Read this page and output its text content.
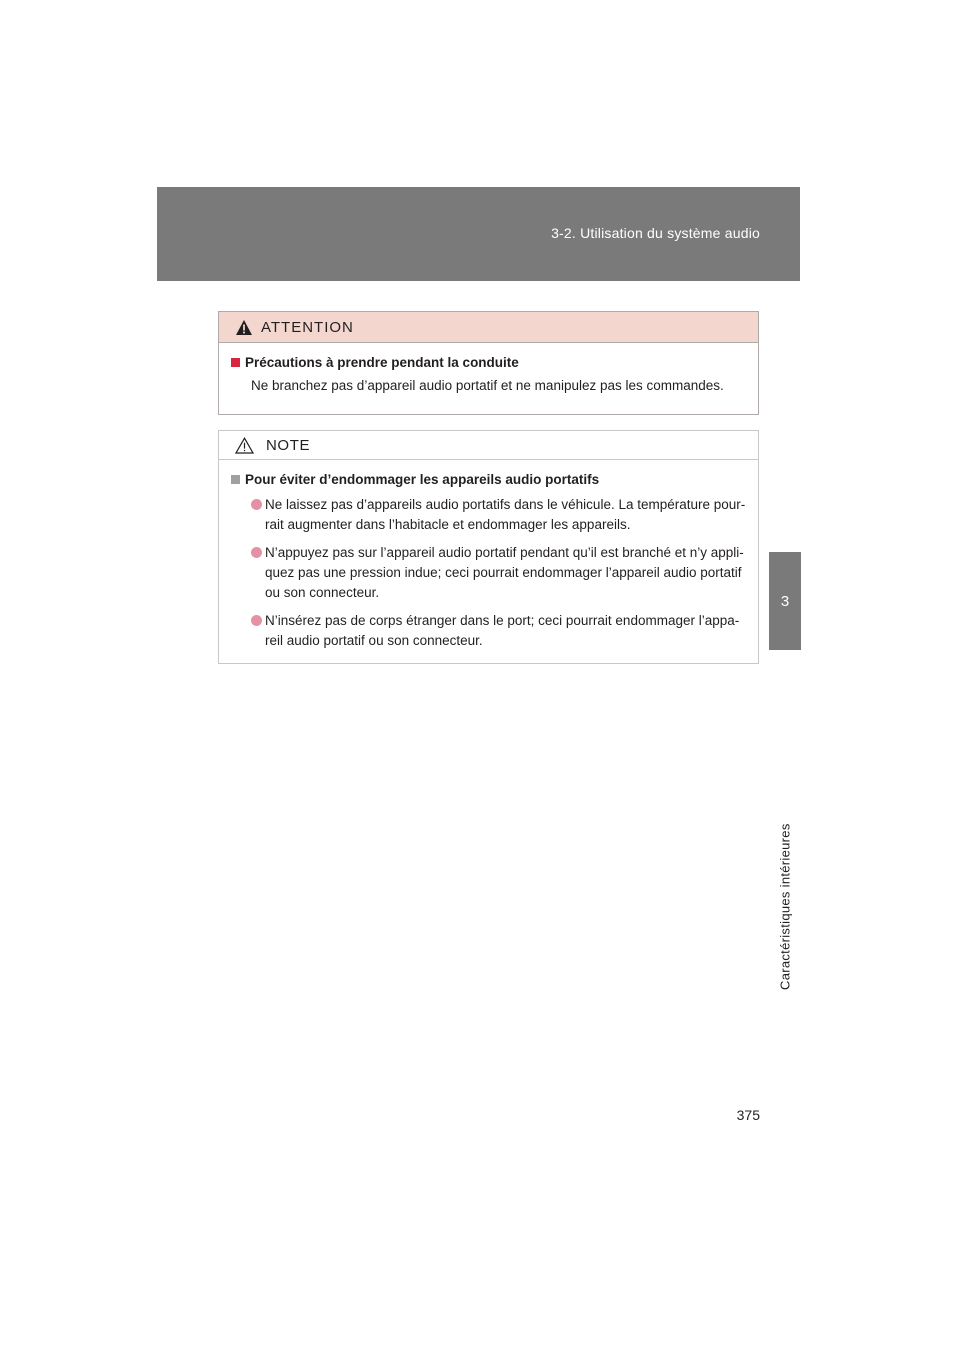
3-2. Utilisation du système audio
3
Caractéristiques intérieures
ATTENTION
Précautions à prendre pendant la conduite
Ne branchez pas d’appareil audio portatif et ne manipulez pas les commandes.
NOTE
Pour éviter d’endommager les appareils audio portatifs
Ne laissez pas d’appareils audio portatifs dans le véhicule. La température pour-rait augmenter dans l’habitacle et endommager les appareils.
N’appuyez pas sur l’appareil audio portatif pendant qu’il est branché et n’y appli-quez pas une pression indue; ceci pourrait endommager l’appareil audio portatif ou son connecteur.
N’insérez pas de corps étranger dans le port; ceci pourrait endommager l’appa-reil audio portatif ou son connecteur.
375
